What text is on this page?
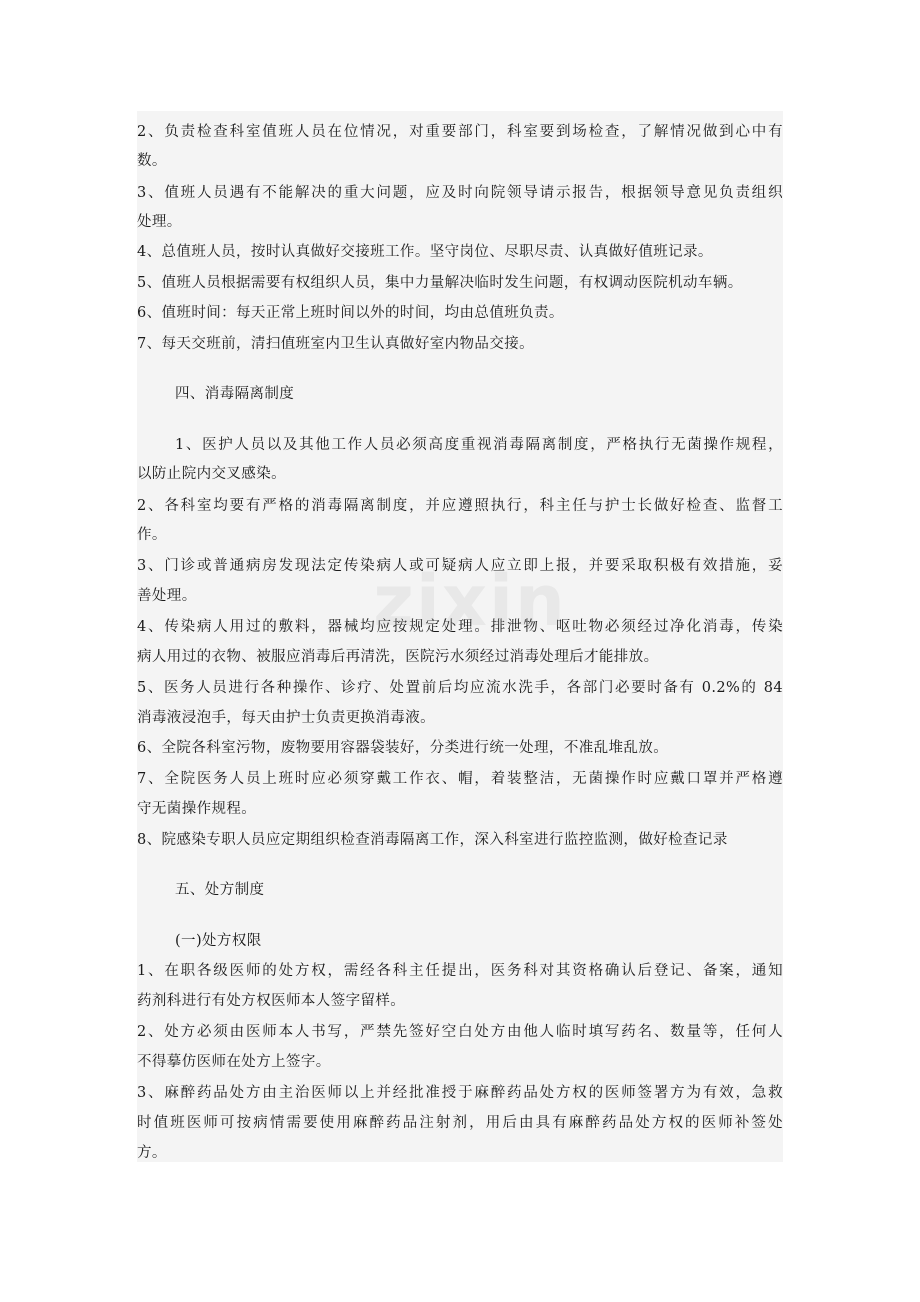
2、负责检查科室值班人员在位情况，对重要部门，科室要到场检查，了解情况做到心中有
数。
3、值班人员遇有不能解决的重大问题，应及时向院领导请示报告，根据领导意见负责组织
处理。
4、总值班人员，按时认真做好交接班工作。坚守岗位、尽职尽责、认真做好值班记录。
5、值班人员根据需要有权组织人员，集中力量解决临时发生问题，有权调动医院机动车辆。
6、值班时间：每天正常上班时间以外的时间，均由总值班负责。
7、每天交班前，清扫值班室内卫生认真做好室内物品交接。
四、消毒隔离制度
1、医护人员以及其他工作人员必须高度重视消毒隔离制度，严格执行无菌操作规程，
以防止院内交叉感染。
2、各科室均要有严格的消毒隔离制度，并应遵照执行，科主任与护士长做好检查、监督工
作。
3、门诊或普通病房发现法定传染病人或可疑病人应立即上报，并要采取积极有效措施，妥
善处理。
4、传染病人用过的敷料，器械均应按规定处理。排泄物、呕吐物必须经过净化消毒，传染
病人用过的衣物、被服应消毒后再清洗，医院污水须经过消毒处理后才能排放。
5、医务人员进行各种操作、诊疗、处置前后均应流水洗手，各部门必要时备有 0.2%的 84
消毒液浸泡手，每天由护士负责更换消毒液。
6、全院各科室污物，废物要用容器袋装好，分类进行统一处理，不准乱堆乱放。
7、全院医务人员上班时应必须穿戴工作衣、帽，着装整洁，无菌操作时应戴口罩并严格遵
守无菌操作规程。
8、院感染专职人员应定期组织检查消毒隔离工作，深入科室进行监控监测，做好检查记录
五、处方制度
(一)处方权限
1、在职各级医师的处方权，需经各科主任提出，医务科对其资格确认后登记、备案，通知
药剂科进行有处方权医师本人签字留样。
2、处方必须由医师本人书写，严禁先签好空白处方由他人临时填写药名、数量等，任何人
不得摹仿医师在处方上签字。
3、麻醉药品处方由主治医师以上并经批准授于麻醉药品处方权的医师签署方为有效，急救
时值班医师可按病情需要使用麻醉药品注射剂，用后由具有麻醉药品处方权的医师补签处
方。
zixin
